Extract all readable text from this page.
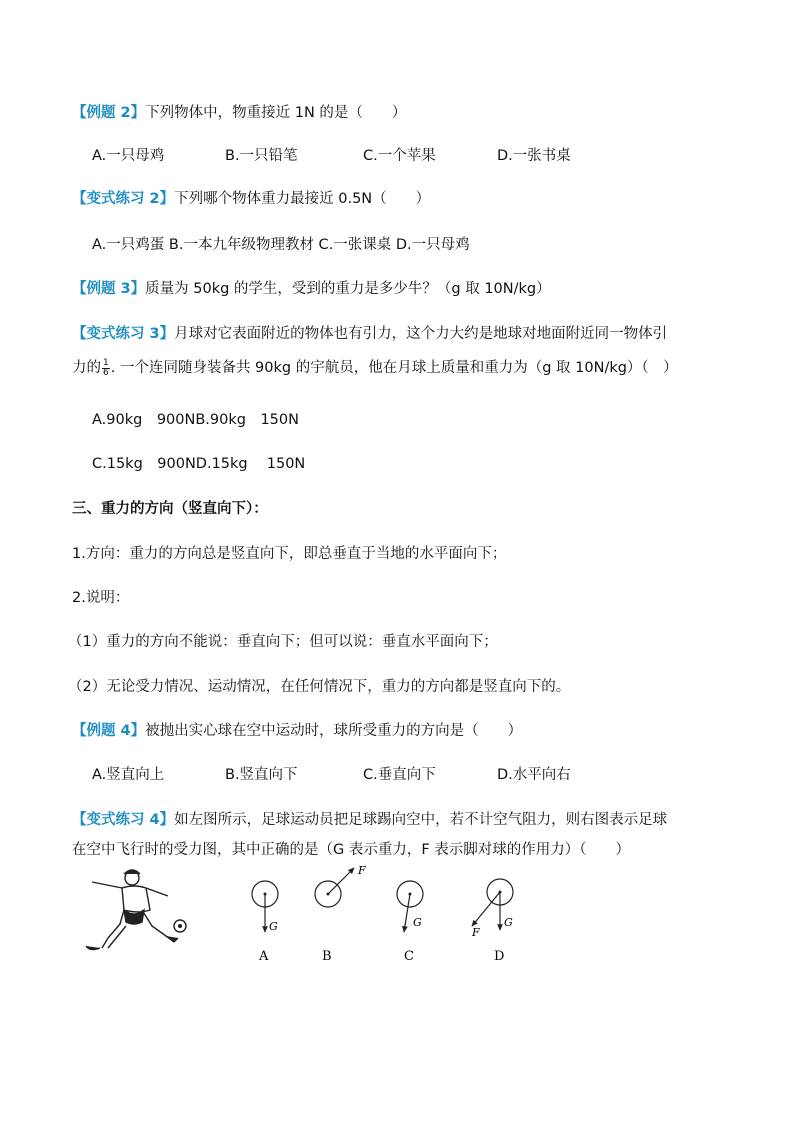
【例题 2】下列物体中，物重接近 1N 的是（　　）
A.一只母鸡	B.一只铅笔	C.一个苹果	D.一张书桌
【变式练习 2】下列哪个物体重力最接近 0.5N（　　）
A.一只鸡蛋 B.一本九年级物理教材 C.一张课桌 D.一只母鸡
【例题 3】质量为 50kg 的学生，受到的重力是多少牛？（g 取 10N/kg）
【变式练习 3】月球对它表面附近的物体也有引力，这个力大约是地球对地面附近同一物体引
力的 $\frac{1}{6}$ . 一个连同随身装备共 90kg 的宇航员，他在月球上质量和重力为（g 取 10N/kg）（　）
A.90kg　900NB.90kg　150N
C.15kg　900ND.15kg　 150N
三、重力的方向（竖直向下）：
1.方向：重力的方向总是竖直向下，即总垂直于当地的水平面向下；
2.说明：
（1）重力的方向不能说：垂直向下；但可以说：垂直水平面向下；
（2）无论受力情况、运动情况，在任何情况下，重力的方向都是竖直向下的。
【例题 4】被抛出实心球在空中运动时，球所受重力的方向是（　　）
A.竖直向上	B.竖直向下	C.垂直向下	D.水平向右
【变式练习 4】如左图所示，足球运动员把足球踢向空中，若不计空气阻力，则右图表示足球
在空中飞行时的受力图，其中正确的是（G 表示重力，F 表示脚对球的作用力）（　　）
G
A
F
B
G
C
F
G
D
